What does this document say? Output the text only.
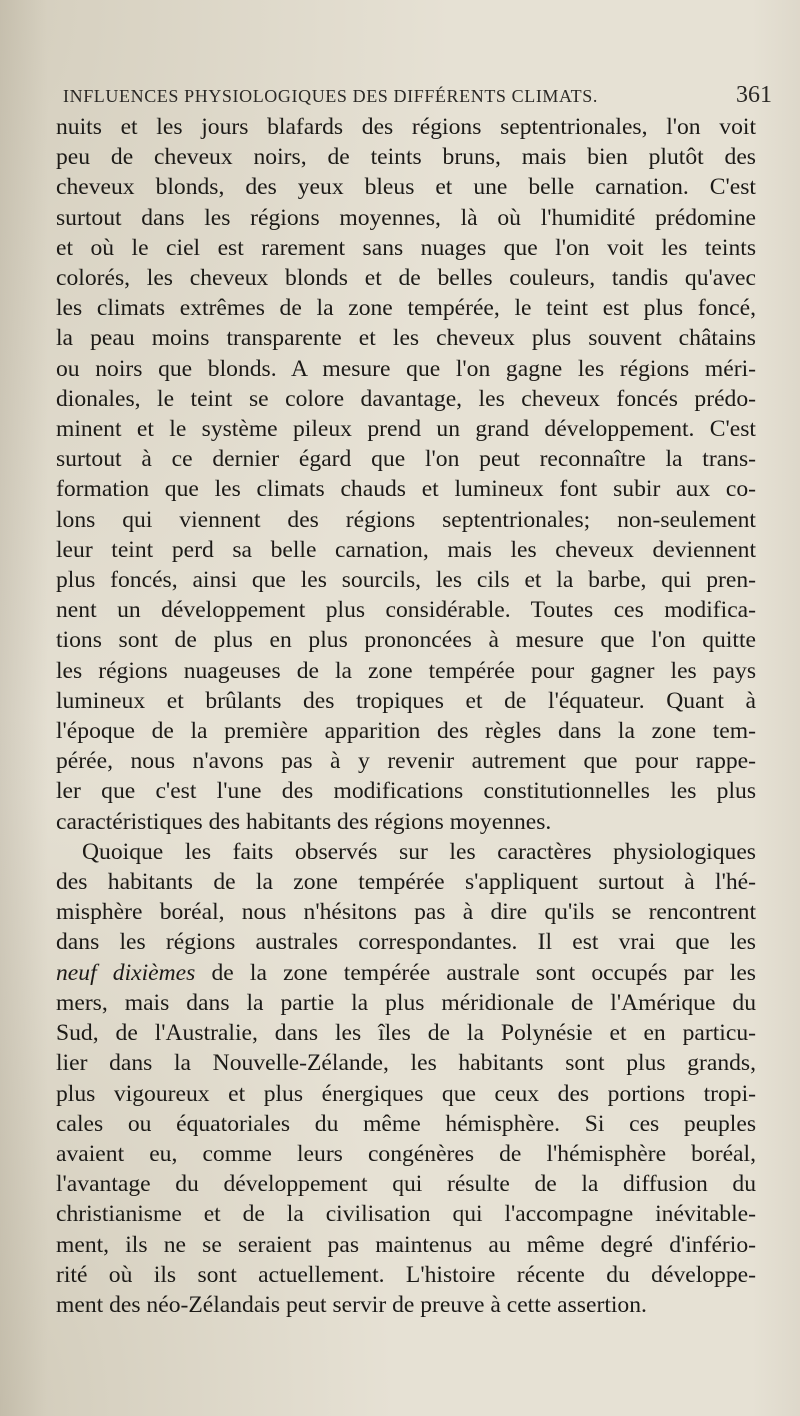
INFLUENCES PHYSIOLOGIQUES DES DIFFÉRENTS CLIMATS.	361
nuits et les jours blafards des régions septentrionales, l'on voit
peu de cheveux noirs, de teints bruns, mais bien plutôt des
cheveux blonds, des yeux bleus et une belle carnation. C'est
surtout dans les régions moyennes, là où l'humidité prédomine
et où le ciel est rarement sans nuages que l'on voit les teints
colorés, les cheveux blonds et de belles couleurs, tandis qu'avec
les climats extrêmes de la zone tempérée, le teint est plus foncé,
la peau moins transparente et les cheveux plus souvent châtains
ou noirs que blonds. A mesure que l'on gagne les régions méri-
dionales, le teint se colore davantage, les cheveux foncés prédo-
minent et le système pileux prend un grand développement. C'est
surtout à ce dernier égard que l'on peut reconnaître la trans-
formation que les climats chauds et lumineux font subir aux co-
lons qui viennent des régions septentrionales; non-seulement
leur teint perd sa belle carnation, mais les cheveux deviennent
plus foncés, ainsi que les sourcils, les cils et la barbe, qui pren-
nent un développement plus considérable. Toutes ces modifica-
tions sont de plus en plus prononcées à mesure que l'on quitte
les régions nuageuses de la zone tempérée pour gagner les pays
lumineux et brûlants des tropiques et de l'équateur. Quant à
l'époque de la première apparition des règles dans la zone tem-
pérée, nous n'avons pas à y revenir autrement que pour rappe-
ler que c'est l'une des modifications constitutionnelles les plus
caractéristiques des habitants des régions moyennes.
Quoique les faits observés sur les caractères physiologiques
des habitants de la zone tempérée s'appliquent surtout à l'hé-
misphère boréal, nous n'hésitons pas à dire qu'ils se rencontrent
dans les régions australes correspondantes. Il est vrai que les
neuf dixièmes de la zone tempérée australe sont occupés par les
mers, mais dans la partie la plus méridionale de l'Amérique du
Sud, de l'Australie, dans les îles de la Polynésie et en particu-
lier dans la Nouvelle-Zélande, les habitants sont plus grands,
plus vigoureux et plus énergiques que ceux des portions tropi-
cales ou équatoriales du même hémisphère. Si ces peuples
avaient eu, comme leurs congénères de l'hémisphère boréal,
l'avantage du développement qui résulte de la diffusion du
christianisme et de la civilisation qui l'accompagne inévitable-
ment, ils ne se seraient pas maintenus au même degré d'infério-
rité où ils sont actuellement. L'histoire récente du développe-
ment des néo-Zélandais peut servir de preuve à cette assertion.
